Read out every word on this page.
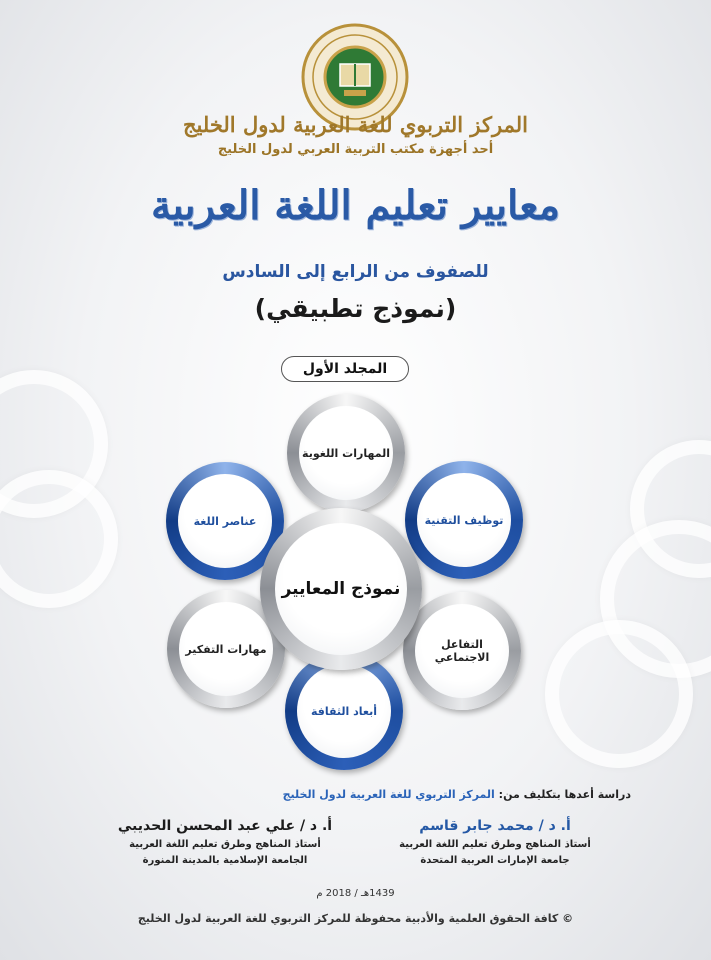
المركز التربوي للغة العربية لدول الخليج
أحد أجهزة مكتب التربية العربي لدول الخليج
معايير تعليم اللغة العربية
للصفوف من الرابع إلى السادس
(نموذج تطبيقي)
المجلد الأول
المهارات اللغوية
توظيف التقنية
التفاعل الاجتماعي
أبعاد الثقافة
مهارات التفكير
عناصر اللغة
نموذج المعايير
دراسة أعدها بتكليف من: المركز التربوي للغة العربية لدول الخليج
أ. د / محمد جابر قاسم
أستاذ المناهج وطرق تعليم اللغة العربية
جامعة الإمارات العربية المتحدة
أ. د / علي عبد المحسن الحديبي
أستاذ المناهج وطرق تعليم اللغة العربية
الجامعة الإسلامية بالمدينة المنورة
1439هـ / 2018 م
© كافة الحقوق العلمية والأدبية محفوظة للمركز التربوي للغة العربية لدول الخليج
